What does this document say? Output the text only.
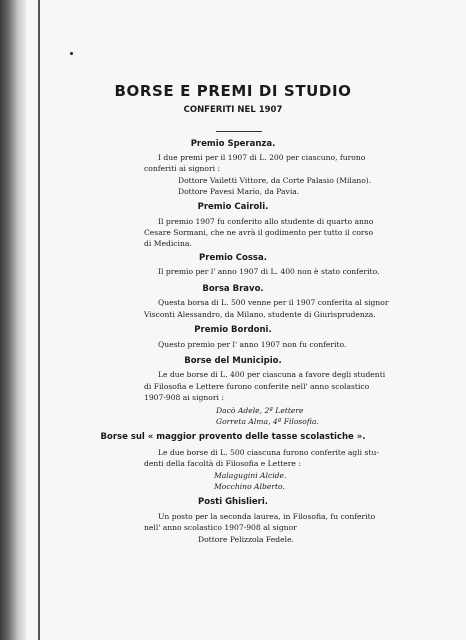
BORSE E PREMI DI STUDIO
CONFERITI NEL 1907
Premio Speranza.
I due premi per il 1907 di L. 200 per ciascuno, furono
conferiti ai signori :
Dottore Vailetti Vittore, da Corte Palasio (Milano).
Dottore Pavesi Mario, da Pavia.
Premio Cairoli.
Il premio 1907 fu conferito allo studente di quarto anno
Cesare Sormani, che ne avrà il godimento per tutto il corso
di Medicina.
Premio Cossa.
Il premio per l' anno 1907 di L. 400 non è stato conferito.
Borsa Bravo.
Questa borsa di L. 500 venne per il 1907 conferita al signor
Visconti Alessandro, da Milano, studente di Giurisprudenza.
Premio Bordoni.
Questo premio per l' anno 1907 non fu conferito.
Borse del Municipio.
Le due borse di L. 400 per ciascuna a favore degli studenti
di Filosofia e Lettere furono conferite nell' anno scolastico
1907-908 ai signori :
Dacò Adele, 2ª Lettere
Gorreta Alma, 4ª Filosofia.
Borse sul « maggior provento delle tasse scolastiche ».
Le due borse di L. 500 ciascuna furono conferite agli stu-
denti della facoltà di Filosofia e Lettere :
Malagugini Alcide.
Mocchino Alberto.
Posti Ghislieri.
Un posto per la seconda laurea, in Filosofia, fu conferito
nell' anno scolastico 1907-908 al signor
Dottore Pelizzola Fedele.
